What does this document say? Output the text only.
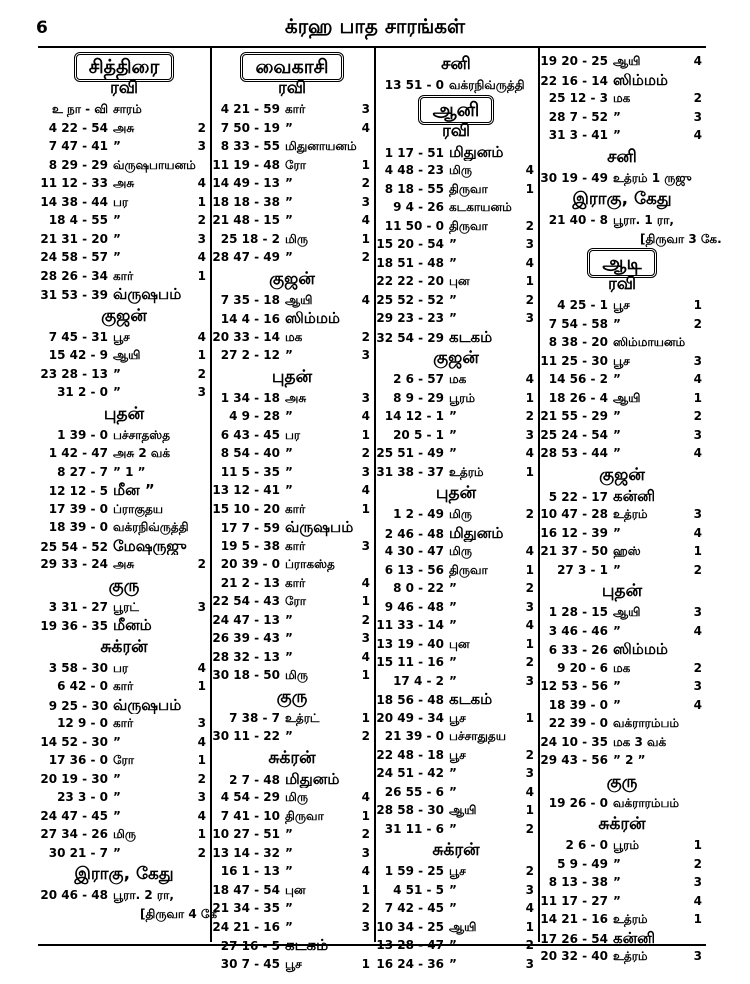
6	க்ரஹ பாத சாரங்கள்
சித்திரை
ரவி
உ நா - வி சாரம்
4 22 - 54 அசு	2
7 47 - 41 ”	3
8 29 - 29 வ்ருஷபாயனம்
11 12 - 33 அசு	4
14 38 - 44 பர	1
18 4 - 55 ”	2
21 31 - 20 ”	3
24 58 - 57 ”	4
28 26 - 34 கார்	1
31 53 - 39 வ்ருஷபம்
குஜன்
7 45 - 31 பூச	4
15 42 - 9 ஆயி	1
23 28 - 13 ”	2
31 2 - 0 ”	3
புதன்
1 39 - 0 பச்சாதஸ்த
1 42 - 47 அசு 2 வக்
8 27 - 7 ” 1 ”
12 12 - 5 மீன ”
17 39 - 0 ப்ராகுதய
18 39 - 0 வக்ரநிவ்ருத்தி
25 54 - 52 மேஷருஜு
29 33 - 24 அசு	2
குரு
3 31 - 27 பூரட்	3
19 36 - 35 மீனம்
சுக்ரன்
3 58 - 30 பர	4
6 42 - 0 கார்	1
9 25 - 30 வ்ருஷபம்
12 9 - 0 கார்	3
14 52 - 30 ”	4
17 36 - 0 ரோ	1
20 19 - 30 ”	2
23 3 - 0 ”	3
24 47 - 45 ”	4
27 34 - 26 மிரு	1
30 21 - 7 ”	2
இராகு, கேது
20 46 - 48 பூரா. 2 ரா,
[திருவா 4 கே
வைகாசி
ரவி
4 21 - 59 கார்	3
7 50 - 19 ”	4
8 33 - 55 மிதுனாயனம்
11 19 - 48 ரோ	1
14 49 - 13 ”	2
18 18 - 38 ”	3
21 48 - 15 ”	4
25 18 - 2 மிரு	1
28 47 - 49 ”	2
குஜன்
7 35 - 18 ஆயி	4
14 4 - 16 ஸிம்மம்
20 33 - 14 மக	2
27 2 - 12 ”	3
புதன்
1 34 - 18 அசு	3
4 9 - 28 ”	4
6 43 - 45 பர	1
8 54 - 40 ”	2
11 5 - 35 ”	3
13 12 - 41 ”	4
15 10 - 20 கார்	1
17 7 - 59 வ்ருஷபம்
19 5 - 38 கார்	3
20 39 - 0 ப்ராகஸ்த
21 2 - 13 கார்	4
22 54 - 43 ரோ	1
24 47 - 13 ”	2
26 39 - 43 ”	3
28 32 - 13 ”	4
30 18 - 50 மிரு	1
குரு
7 38 - 7 உத்ரட்	1
30 11 - 22 ”	2
சுக்ரன்
2 7 - 48 மிதுனம்
4 54 - 29 மிரு	4
7 41 - 10 திருவா	1
10 27 - 51 ”	2
13 14 - 32 ”	3
16 1 - 13 ”	4
18 47 - 54 புன	1
21 34 - 35 ”	2
24 21 - 16 ”	3
27 16 - 5 கடகம்
30 7 - 45 பூச	1
சனி
13 51 - 0 வக்ரநிவ்ருத்தி
ஆனி
ரவி
1 17 - 51 மிதுனம்
4 48 - 23 மிரு	4
8 18 - 55 திருவா	1
9 4 - 26 கடகாயனம்
11 50 - 0 திருவா	2
15 20 - 54 ”	3
18 51 - 48 ”	4
22 22 - 20 புன	1
25 52 - 52 ”	2
29 23 - 23 ”	3
32 54 - 29 கடகம்
குஜன்
2 6 - 57 மக	4
8 9 - 29 பூரம்	1
14 12 - 1 ”	2
20 5 - 1 ”	3
25 51 - 49 ”	4
31 38 - 37 உத்ரம்	1
புதன்
1 2 - 49 மிரு	2
2 46 - 48 மிதுனம்
4 30 - 47 மிரு	4
6 13 - 56 திருவா	1
8 0 - 22 ”	2
9 46 - 48 ”	3
11 33 - 14 ”	4
13 19 - 40 புன	1
15 11 - 16 ”	2
17 4 - 2 ”	3
18 56 - 48 கடகம்
20 49 - 34 பூச	1
21 39 - 0 பச்சாதுதய
22 48 - 18 பூச	2
24 51 - 42 ”	3
26 55 - 6 ”	4
28 58 - 30 ஆயி	1
31 11 - 6 ”	2
சுக்ரன்
1 59 - 25 பூச	2
4 51 - 5 ”	3
7 42 - 45 ”	4
10 34 - 25 ஆயி	1
13 28 - 47 ”	2
16 24 - 36 ”	3
19 20 - 25 ஆயி	4
22 16 - 14 ஸிம்மம்
25 12 - 3 மக	2
28 7 - 52 ”	3
31 3 - 41 ”	4
சனி
30 19 - 49 உத்ரம் 1 ருஜு
இராகு, கேது
21 40 - 8 பூரா. 1 ரா,
[திருவா 3 கே.
ஆடி
ரவி
4 25 - 1 பூச	1
7 54 - 58 ”	2
8 38 - 20 ஸிம்மாயனம்
11 25 - 30 பூச	3
14 56 - 2 ”	4
18 26 - 4 ஆயி	1
21 55 - 29 ”	2
25 24 - 54 ”	3
28 53 - 44 ”	4
குஜன்
5 22 - 17 கன்னி
10 47 - 28 உத்ரம்	3
16 12 - 39 ”	4
21 37 - 50 ஹஸ்	1
27 3 - 1 ”	2
புதன்
1 28 - 15 ஆயி	3
3 46 - 46 ”	4
6 33 - 26 ஸிம்மம்
9 20 - 6 மக	2
12 53 - 56 ”	3
18 39 - 0 ”	4
22 39 - 0 வக்ராரம்பம்
24 10 - 35 மக 3 வக்
29 43 - 56 ” 2 ”
குரு
19 26 - 0 வக்ராரம்பம்
சுக்ரன்
2 6 - 0 பூரம்	1
5 9 - 49 ”	2
8 13 - 38 ”	3
11 17 - 27 ”	4
14 21 - 16 உத்ரம்	1
17 26 - 54 கன்னி
20 32 - 40 உத்ரம்	3
